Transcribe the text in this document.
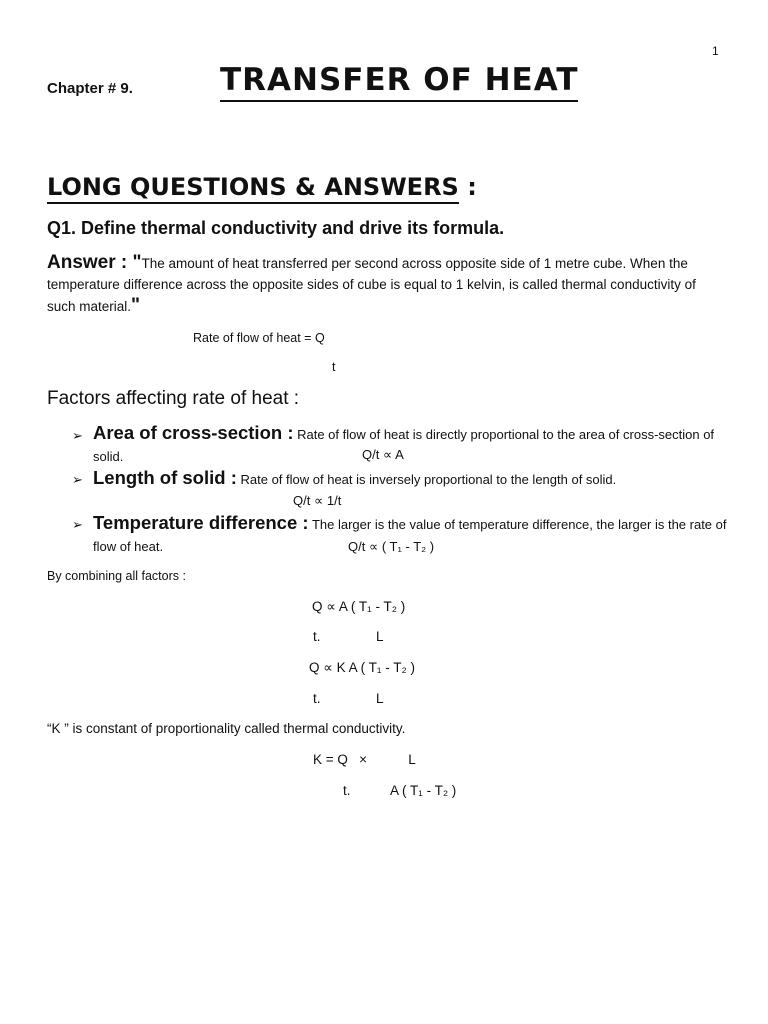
1
Chapter # 9.	TRANSFER OF HEAT
LONG QUESTIONS & ANSWERS :
Q1. Define thermal conductivity and drive its formula.
Answer : "The amount of heat transferred per second across opposite side of 1 metre cube. When the temperature difference across the opposite sides of cube is equal to 1 kelvin, is called thermal conductivity of such material."
Rate of flow of heat = Q
t
Factors affecting rate of heat :
➢ Area of cross-section : Rate of flow of heat is directly proportional to the area of cross-section of solid.	Q/t ∝ A
➢ Length of solid : Rate of flow of heat is inversely proportional to the length of solid.
Q/t ∝ 1/t
➢ Temperature difference : The larger is the value of temperature difference, the larger is the rate of flow of heat.	Q/t ∝ ( T₁ - T₂ )
By combining all factors :
Q ∝ A ( T₁ - T₂ )
t.	L
Q ∝ K A ( T₁ - T₂ )
t.	L
“K ” is constant of proportionality called thermal conductivity.
K = Q   ×           L
t.	A ( T₁ - T₂ )
